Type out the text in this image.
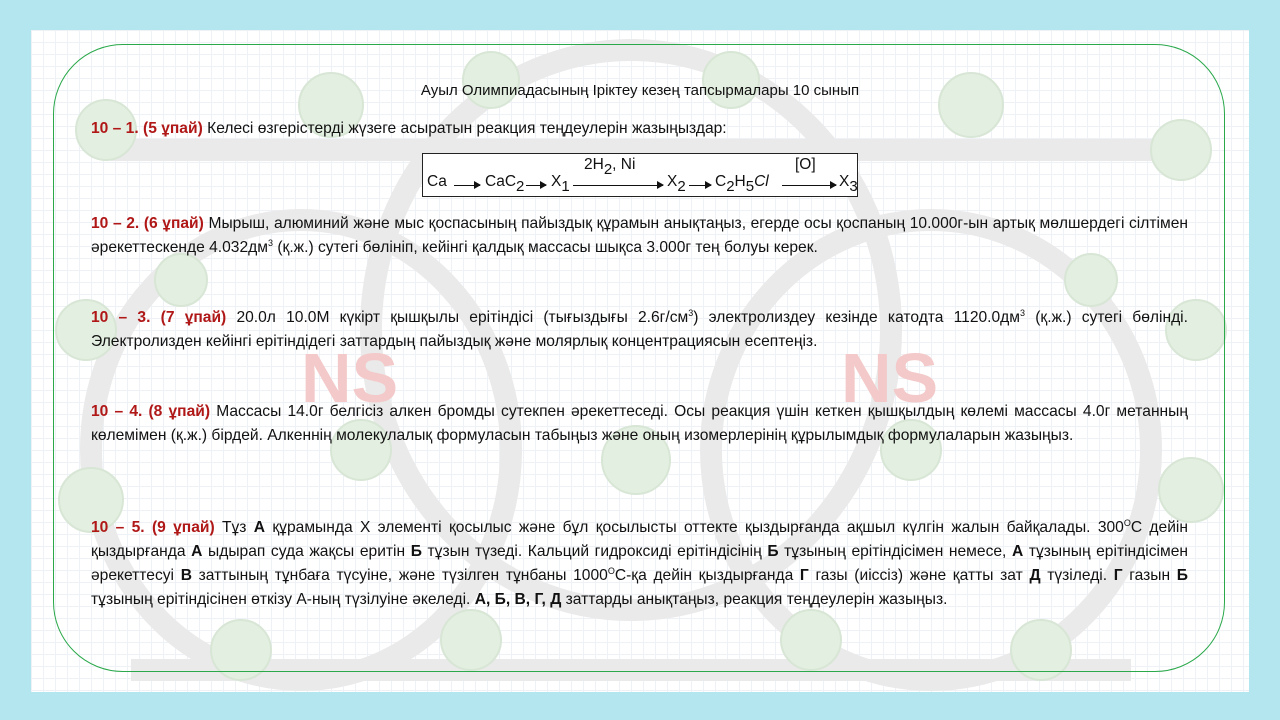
NS	NS
Ауыл Олимпиадасының Іріктеу кезең тапсырмалары 10 сынып
10 – 1. (5 ұпай) Келесі өзгерістерді жүзеге асыратын реакция теңдеулерін жазыңыздар:
Ca CaC$_2$ $X_1$
$2H_2$, Ni
$X_2$ $C_2H_5Cl$
[O]
$X_3$
10 – 2. (6 ұпай) Мырыш, алюминий және мыс қоспасының пайыздық құрамын анықтаңыз, егерде осы қоспаның 10.000г-ын артық мөлшердегі сілтімен әрекеттескенде $4.032дм^3$ (қ.ж.) сутегі бөлініп, кейінгі қалдық массасы шықса 3.000г тең болуы керек.
10 – 3. (7 ұпай) 20.0л 10.0М күкірт қышқылы ерітіндісі (тығыздығы $2.6г/см^3$) электролиздеу кезінде катодта $1120.0дм^3$ (қ.ж.) сутегі бөлінді. Электролизден кейінгі ерітіндідегі заттардың пайыздық және молярлық концентрациясын есептеңіз.
10 – 4. (8 ұпай) Массасы 14.0г белгісіз алкен бромды сутекпен әрекеттеседі. Осы реакция үшін кеткен қышқылдың көлемі массасы 4.0г метанның көлемімен (қ.ж.) бірдей. Алкеннің молекулалық формуласын табыңыз және оның изомерлерінің құрылымдық формулаларын жазыңыз.
10 – 5. (9 ұпай) Тұз А құрамында Х элементі қосылыс және бұл қосылысты оттекте қыздырғанда ақшыл күлгін жалын байқалады. $300^ОС$ дейін қыздырғанда А ыдырап суда жақсы еритін Б тұзын түзеді. Кальций гидроксиді ерітіндісінің Б тұзының ерітіндісімен немесе, А тұзының ерітіндісімен әрекеттесуі В заттының тұнбаға түсуіне, және түзілген тұнбаны $1000^ОС-қа$ дейін қыздырғанда Г газы (иіссіз) және қатты зат Д түзіледі. Г газын Б тұзының ерітіндісінен өткізу А-ның түзілуіне әкеледі. А, Б, В, Г, Д заттарды анықтаңыз, реакция теңдеулерін жазыңыз.
